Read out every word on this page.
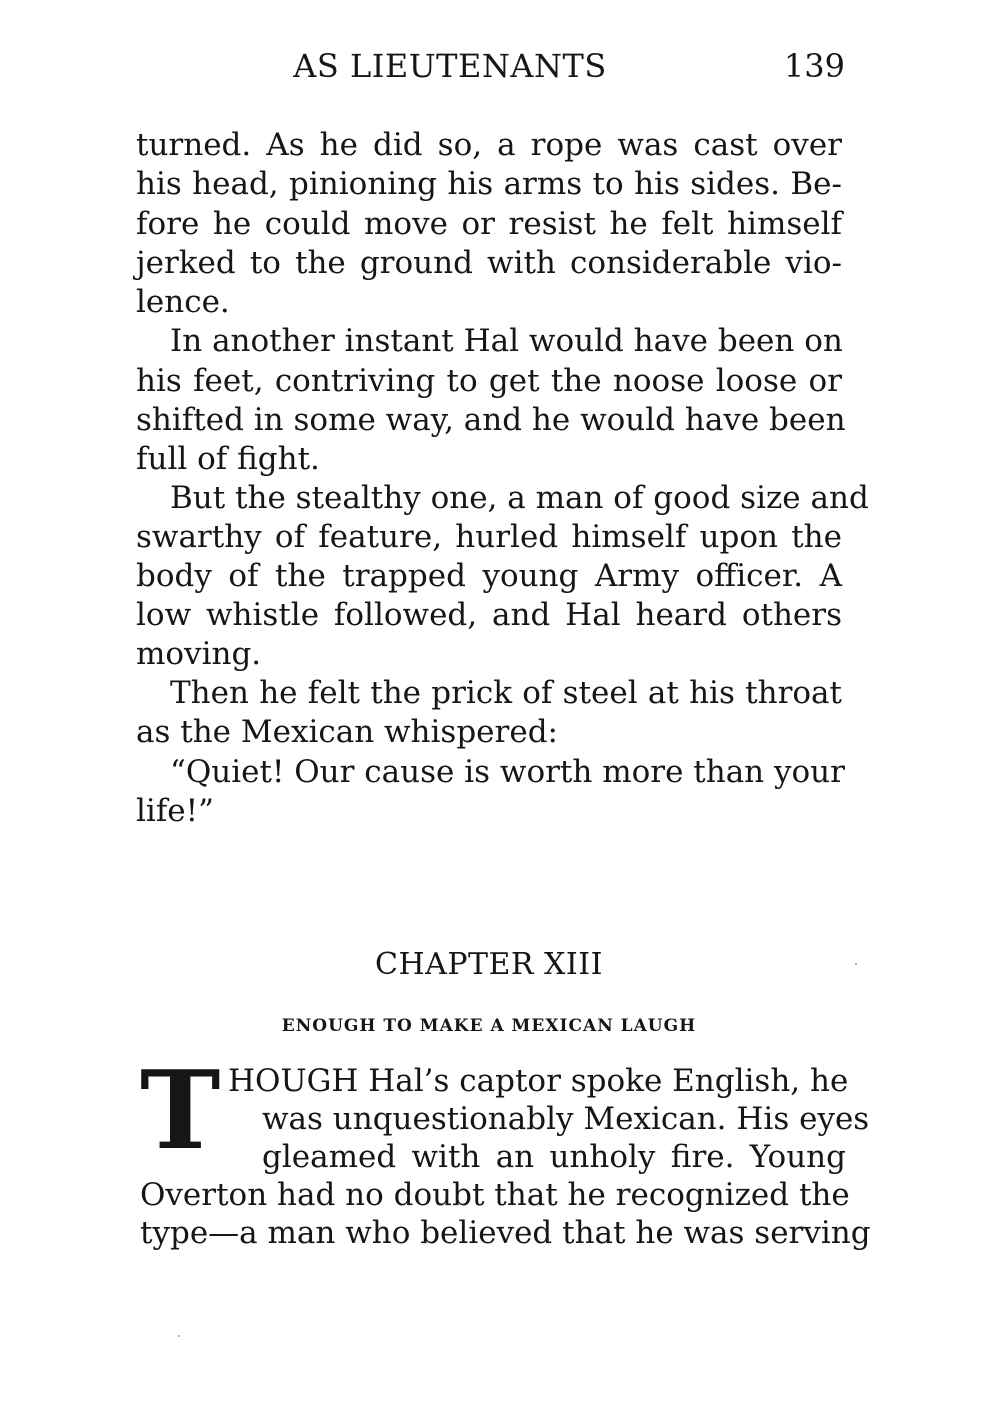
AS LIEUTENANTS	139
turned. As he did so, a rope was cast over
his head, pinioning his arms to his sides. Be-
fore he could move or resist he felt himself
jerked to the ground with considerable vio-
lence.
In another instant Hal would have been on
his feet, contriving to get the noose loose or
shifted in some way, and he would have been
full of fight.
But the stealthy one, a man of good size and
swarthy of feature, hurled himself upon the
body of the trapped young Army officer. A
low whistle followed, and Hal heard others
moving.
Then he felt the prick of steel at his throat
as the Mexican whispered:
“Quiet! Our cause is worth more than your
life!”
CHAPTER XIII
ENOUGH TO MAKE A MEXICAN LAUGH
T HOUGH Hal’s captor spoke English, he
was unquestionably Mexican. His eyes
gleamed with an unholy fire. Young
Overton had no doubt that he recognized the
type—a man who believed that he was serving
